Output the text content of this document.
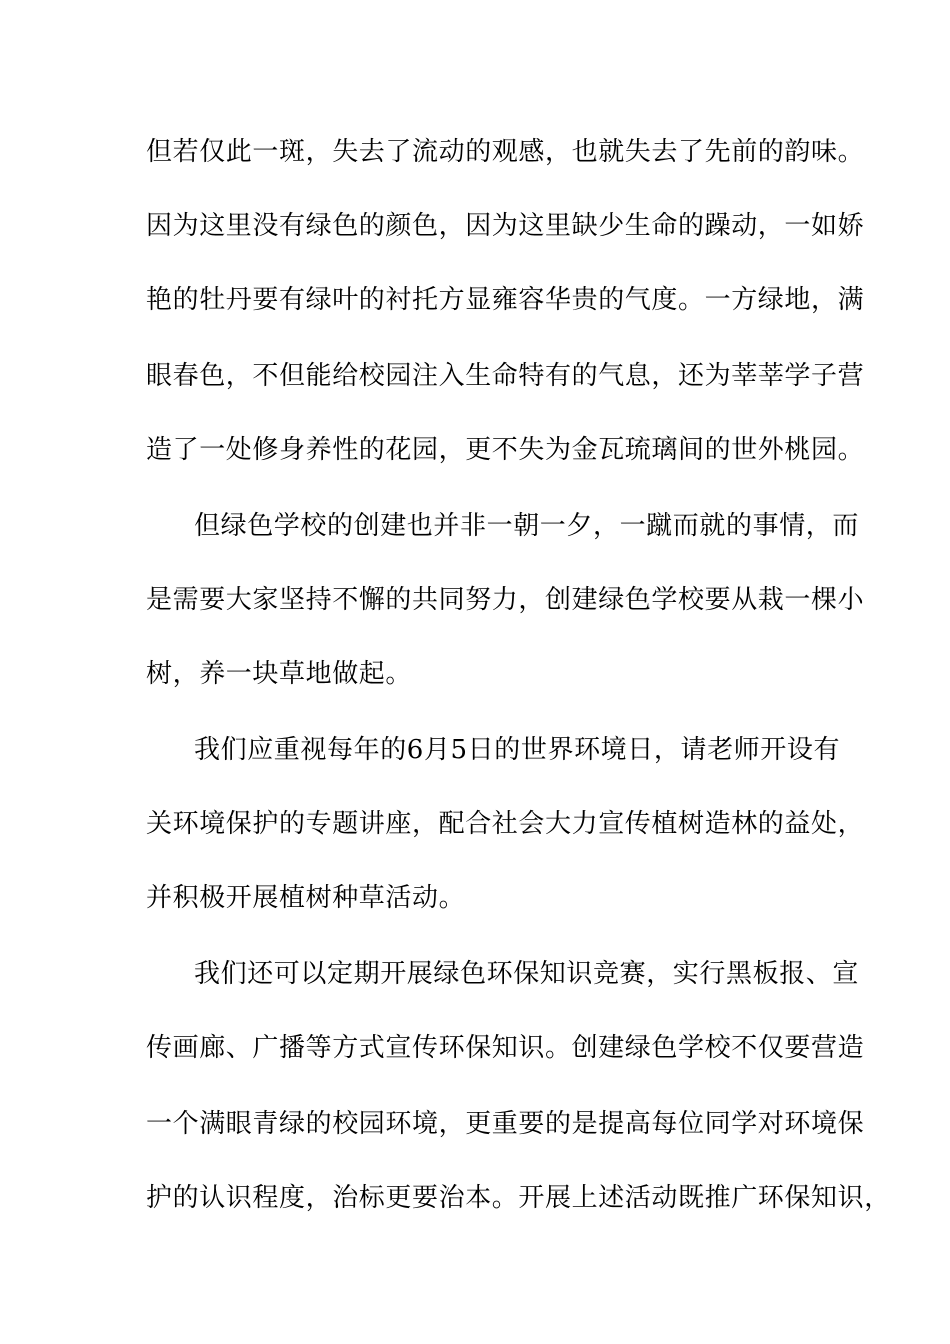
但若仅此一斑，失去了流动的观感，也就失去了先前的韵味。
因为这里没有绿色的颜色，因为这里缺少生命的躁动，一如娇
艳的牡丹要有绿叶的衬托方显雍容华贵的气度。一方绿地，满
眼春色，不但能给校园注入生命特有的气息，还为莘莘学子营
造了一处修身养性的花园，更不失为金瓦琉璃间的世外桃园。
但绿色学校的创建也并非一朝一夕，一蹴而就的事情，而
是需要大家坚持不懈的共同努力，创建绿色学校要从栽一棵小
树，养一块草地做起。
我们应重视每年的6月5日的世界环境日，请老师开设有
关环境保护的专题讲座，配合社会大力宣传植树造林的益处，
并积极开展植树种草活动。
我们还可以定期开展绿色环保知识竞赛，实行黑板报、宣
传画廊、广播等方式宣传环保知识。创建绿色学校不仅要营造
一个满眼青绿的校园环境，更重要的是提高每位同学对环境保
护的认识程度，治标更要治本。开展上述活动既推广环保知识，
